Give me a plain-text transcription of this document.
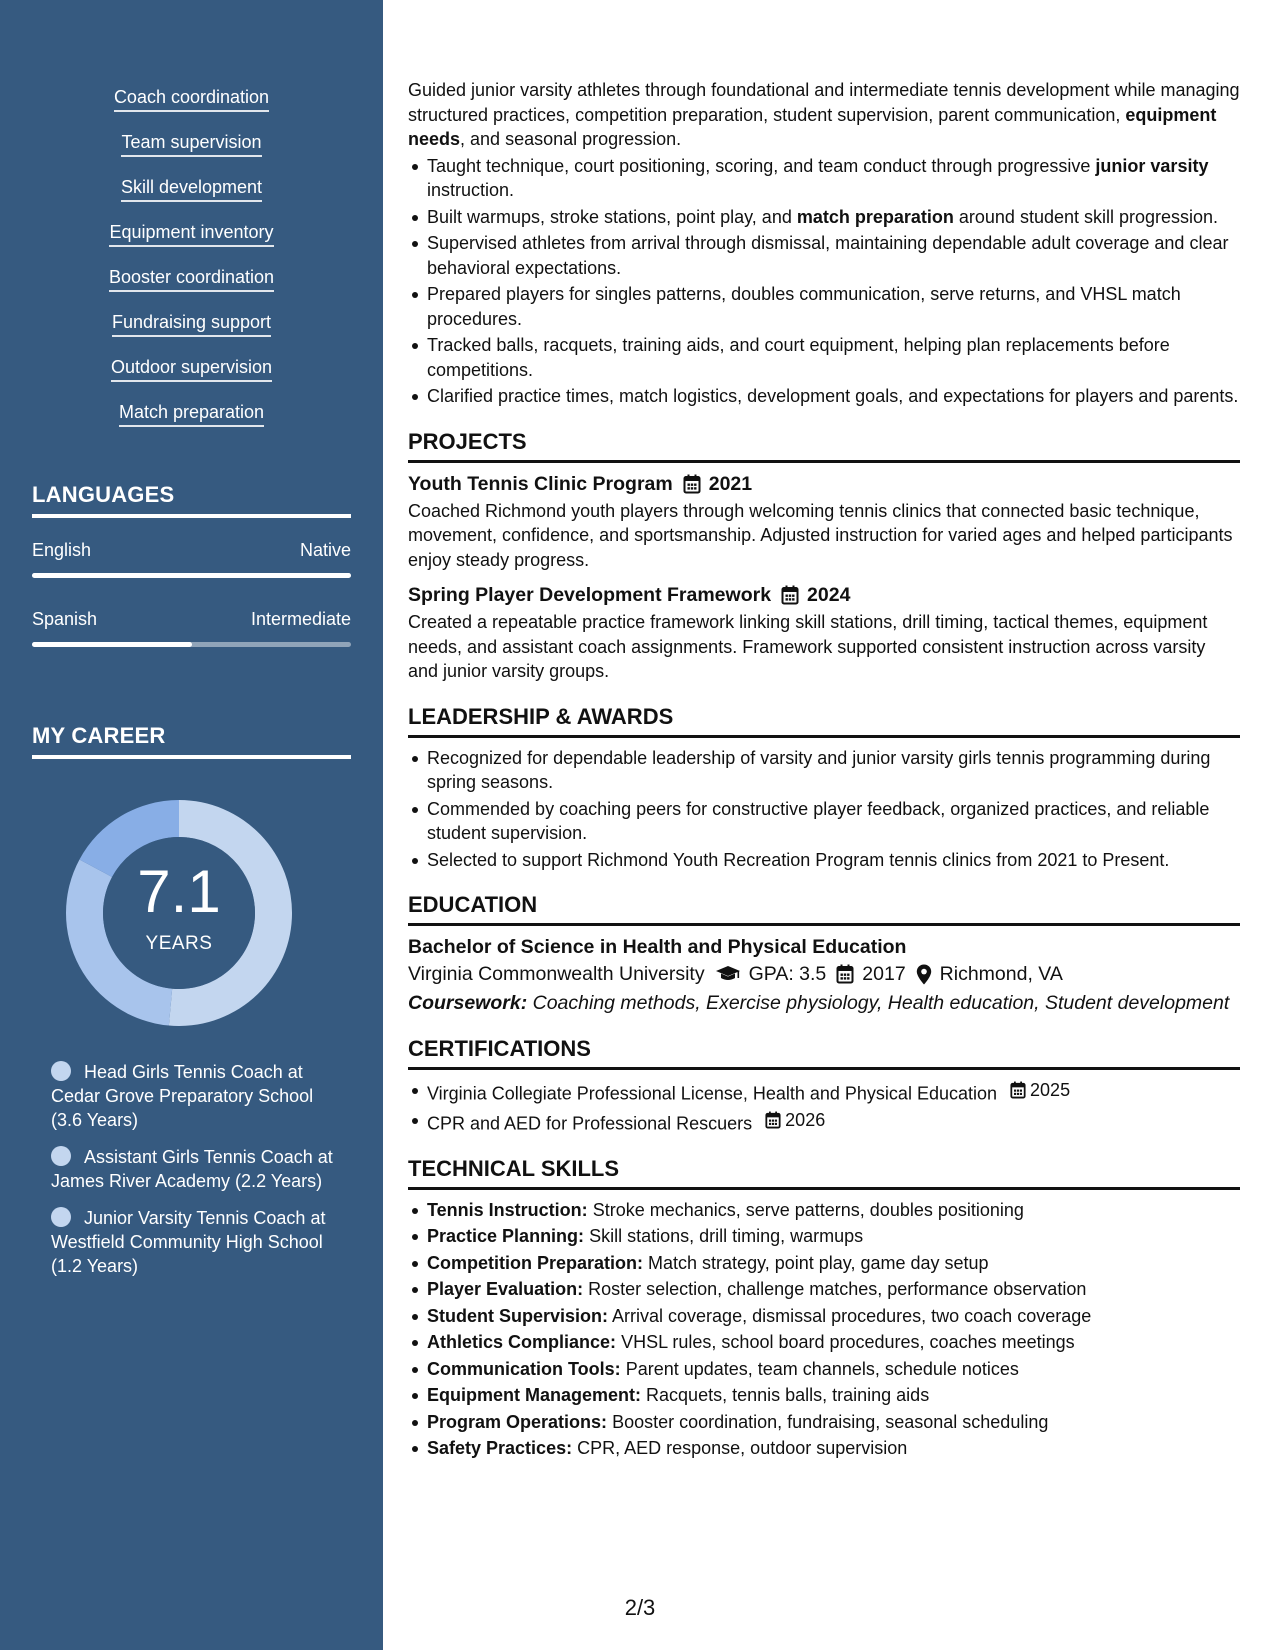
Coach coordination
Team supervision
Skill development
Equipment inventory
Booster coordination
Fundraising support
Outdoor supervision
Match preparation
LANGUAGES
English	Native
Spanish	Intermediate
MY CAREER
7.1
YEARS
Head Girls Tennis Coach at Cedar Grove Preparatory School (3.6 Years)
Assistant Girls Tennis Coach at James River Academy (2.2 Years)
Junior Varsity Tennis Coach at Westfield Community High School (1.2 Years)

Guided junior varsity athletes through foundational and intermediate tennis development while managing structured practices, competition preparation, student supervision, parent communication, equipment needs, and seasonal progression.

Taught technique, court positioning, scoring, and team conduct through progressive junior varsity instruction.
Built warmups, stroke stations, point play, and match preparation around student skill progression.
Supervised athletes from arrival through dismissal, maintaining dependable adult coverage and clear behavioral expectations.
Prepared players for singles patterns, doubles communication, serve returns, and VHSL match procedures.
Tracked balls, racquets, training aids, and court equipment, helping plan replacements before competitions.
Clarified practice times, match logistics, development goals, and expectations for players and parents.
PROJECTS
Youth Tennis Clinic Program 2021

Coached Richmond youth players through welcoming tennis clinics that connected basic technique, movement, confidence, and sportsmanship. Adjusted instruction for varied ages and helped participants enjoy steady progress.

Spring Player Development Framework 2024

Created a repeatable practice framework linking skill stations, drill timing, tactical themes, equipment needs, and assistant coach assignments. Framework supported consistent instruction across varsity and junior varsity groups.

LEADERSHIP & AWARDS
Recognized for dependable leadership of varsity and junior varsity girls tennis programming during spring seasons.
Commended by coaching peers for constructive player feedback, organized practices, and reliable student supervision.
Selected to support Richmond Youth Recreation Program tennis clinics from 2021 to Present.
EDUCATION
Bachelor of Science in Health and Physical Education
Virginia Commonwealth University GPA: 3.5 2017 Richmond, VA

Coursework: Coaching methods, Exercise physiology, Health education, Student development

CERTIFICATIONS
Virginia Collegiate Professional License, Health and Physical Education 2025
CPR and AED for Professional Rescuers 2026
TECHNICAL SKILLS
Tennis Instruction: Stroke mechanics, serve patterns, doubles positioning
Practice Planning: Skill stations, drill timing, warmups
Competition Preparation: Match strategy, point play, game day setup
Player Evaluation: Roster selection, challenge matches, performance observation
Student Supervision: Arrival coverage, dismissal procedures, two coach coverage
Athletics Compliance: VHSL rules, school board procedures, coaches meetings
Communication Tools: Parent updates, team channels, schedule notices
Equipment Management: Racquets, tennis balls, training aids
Program Operations: Booster coordination, fundraising, seasonal scheduling
Safety Practices: CPR, AED response, outdoor supervision
2/3
